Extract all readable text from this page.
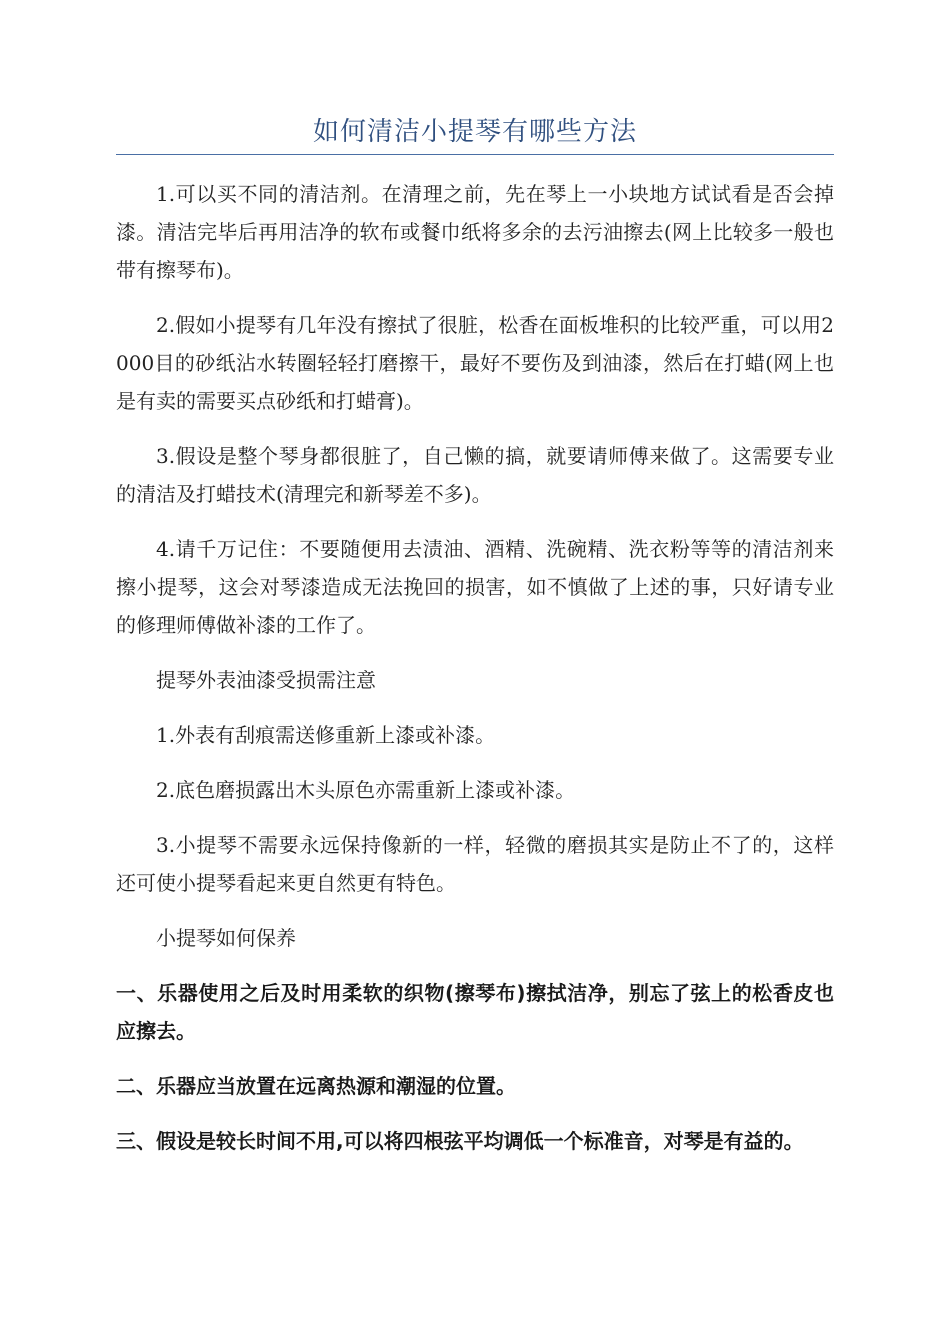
如何清洁小提琴有哪些方法

1.可以买不同的清洁剂。在清理之前，先在琴上一小块地方试试看是否会掉漆。清洁完毕后再用洁净的软布或餐巾纸将多余的去污油擦去(网上比较多一般也带有擦琴布)。

2.假如小提琴有几年没有擦拭了很脏，松香在面板堆积的比较严重，可以用2000目的砂纸沾水转圈轻轻打磨擦干，最好不要伤及到油漆，然后在打蜡(网上也是有卖的需要买点砂纸和打蜡膏)。

3.假设是整个琴身都很脏了，自己懒的搞，就要请师傅来做了。这需要专业的清洁及打蜡技术(清理完和新琴差不多)。

4.请千万记住：不要随便用去渍油、酒精、洗碗精、洗衣粉等等的清洁剂来擦小提琴，这会对琴漆造成无法挽回的损害，如不慎做了上述的事，只好请专业的修理师傅做补漆的工作了。

提琴外表油漆受损需注意

1.外表有刮痕需送修重新上漆或补漆。

2.底色磨损露出木头原色亦需重新上漆或补漆。

3.小提琴不需要永远保持像新的一样，轻微的磨损其实是防止不了的，这样还可使小提琴看起来更自然更有特色。

小提琴如何保养

一、乐器使用之后及时用柔软的织物(擦琴布)擦拭洁净，别忘了弦上的松香皮也应擦去。

二、乐器应当放置在远离热源和潮湿的位置。

三、假设是较长时间不用,可以将四根弦平均调低一个标准音，对琴是有益的。
